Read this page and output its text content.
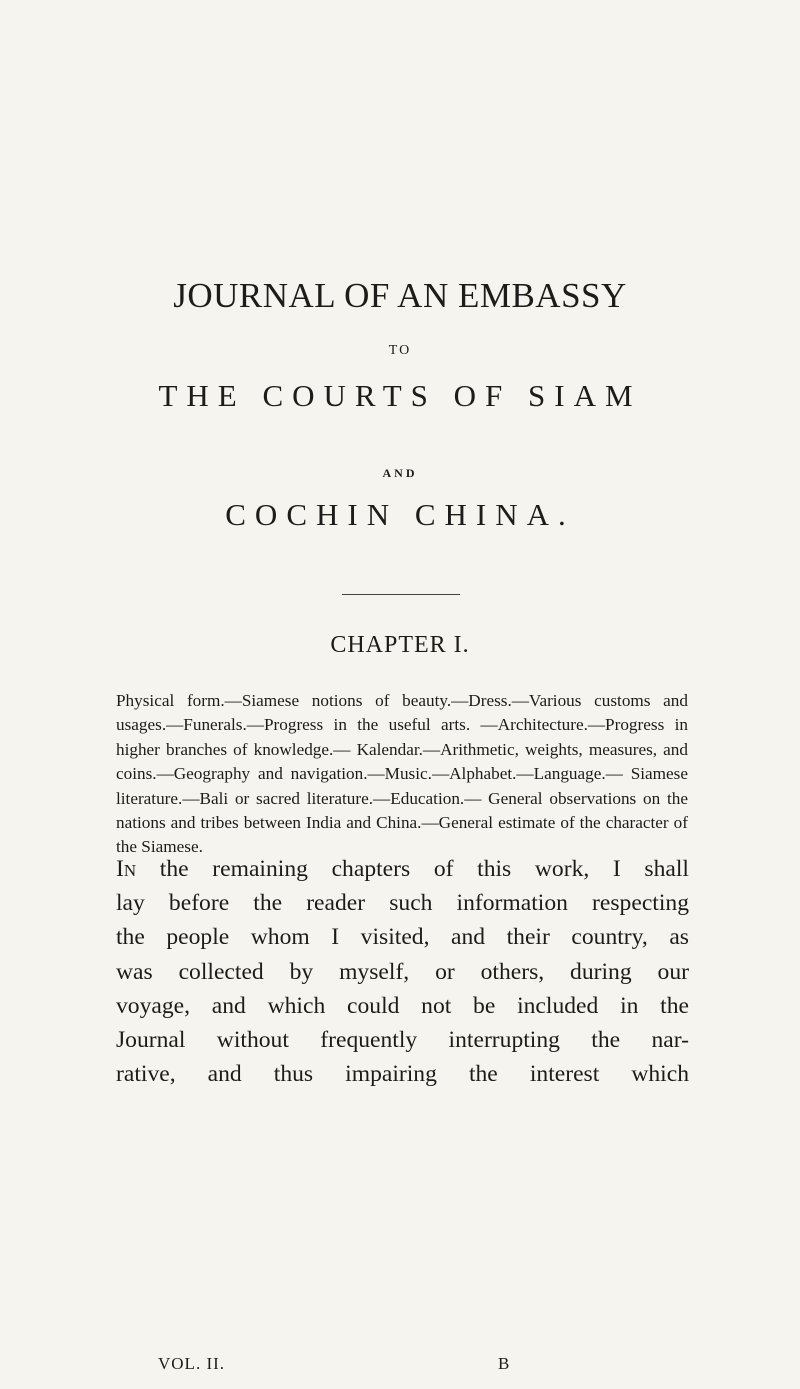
JOURNAL OF AN EMBASSY
TO
THE COURTS OF SIAM
AND
COCHIN CHINA.
CHAPTER I.

Physical form.—Siamese notions of beauty.—Dress.—Various customs and usages.—Funerals.—Progress in the useful arts. —Architecture.—Progress in higher branches of knowledge.— Kalendar.—Arithmetic, weights, measures, and coins.—Geography and navigation.—Music.—Alphabet.—Language.— Siamese literature.—Bali or sacred literature.—Education.— General observations on the nations and tribes between India and China.—General estimate of the character of the Siamese.

In the remaining chapters of this work, I shall
lay before the reader such information respecting
the people whom I visited, and their country, as
was collected by myself, or others, during our
voyage, and which could not be included in the
Journal without frequently interrupting the nar-
rative, and thus impairing the interest which
VOL. II.	B
